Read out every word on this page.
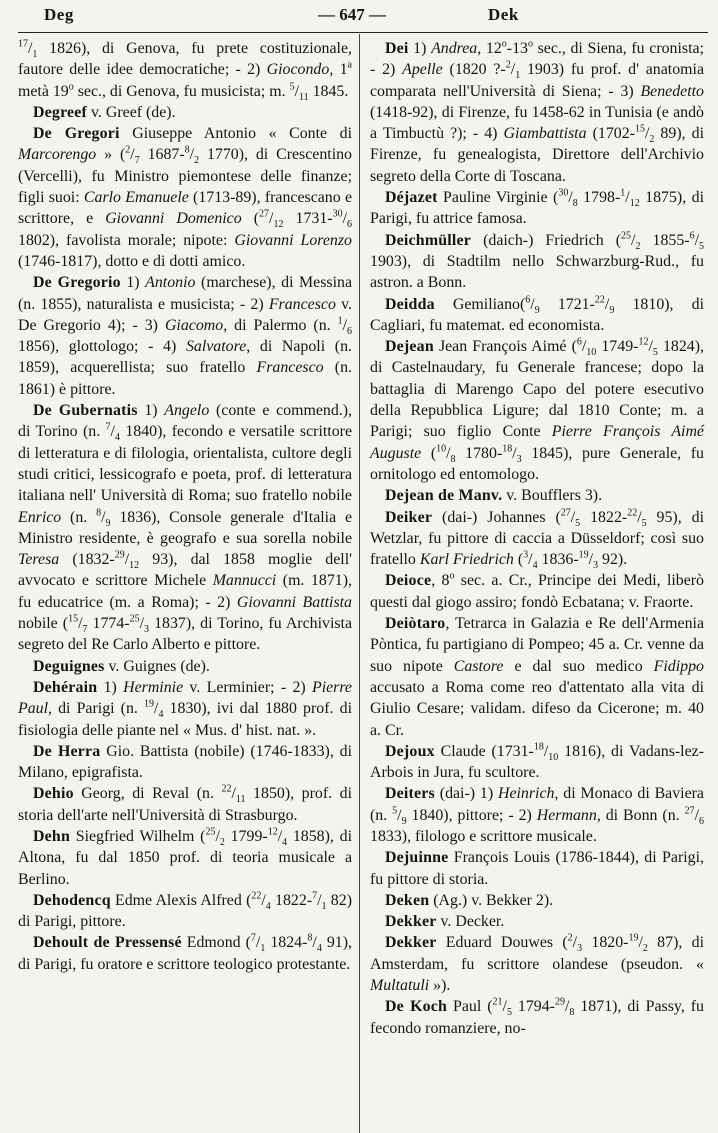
Deg	— 647 —	Dek

$^{17}/_1$ 1826), di Genova, fu prete costituzionale, fautore delle idee democratiche; - 2) Giocondo, 1$^a$ metà 19$^o$ sec., di Genova, fu musicista; m. $^5/_{11}$ 1845.

Degreef v. Greef (de).

De Gregori Giuseppe Antonio « Conte di Marcorengo » ($^2/_7$ $1687-^8/_2$ 1770), di Crescentino (Vercelli), fu Ministro piemontese delle finanze; figli suoi: Carlo Emanuele (1713-89), francescano e scrittore, e Giovanni Domenico ($^{27}/_{12}$ $1731-^{30}/_6$ 1802), favolista morale; nipote: Giovanni Lorenzo (1746-1817), dotto e di dotti amico.

De Gregorio 1) Antonio (marchese), di Messina (n. 1855), naturalista e musicista; - 2) Francesco v. De Gregorio 4); - 3) Giacomo, di Palermo (n. $^1/_6$ 1856), glottologo; - 4) Salvatore, di Napoli (n. 1859), acquerellista; suo fratello Francesco (n. 1861) è pittore.

De Gubernatis 1) Angelo (conte e commend.), di Torino (n. $^7/_4$ 1840), fecondo e versatile scrittore di letteratura e di filologia, orientalista, cultore degli studi critici, lessicografo e poeta, prof. di letteratura italiana nell' Università di Roma; suo fratello nobile Enrico (n. $^8/_9$ 1836), Console generale d'Italia e Ministro residente, è geografo e sua sorella nobile Teresa ($1832-^{29}/_{12}$ 93), dal 1858 moglie dell' avvocato e scrittore Michele Mannucci (m. 1871), fu educatrice (m. a Roma); - 2) Giovanni Battista nobile ($^{15}/_7$ $1774-^{25}/_3$ 1837), di Torino, fu Archivista segreto del Re Carlo Alberto e pittore.

Deguignes v. Guignes (de).

Dehérain 1) Herminie v. Lerminier; - 2) Pierre Paul, di Parigi (n. $^{19}/_4$ 1830), ivi dal 1880 prof. di fisiologia delle piante nel « Mus. d' hist. nat. ».

De Herra Gio. Battista (nobile) (1746-1833), di Milano, epigrafista.

Dehio Georg, di Reval (n. $^{22}/_{11}$ 1850), prof. di storia dell'arte nell'Università di Strasburgo.

Dehn Siegfried Wilhelm ($^{25}/_2$ $1799-^{12}/_4$ 1858), di Altona, fu dal 1850 prof. di teoria musicale a Berlino.

Dehodencq Edme Alexis Alfred ($^{22}/_4$ $1822-^7/_1$ 82) di Parigi, pittore.

Dehoult de Pressensé Edmond ($^7/_1$ $1824-^8/_4$ 91), di Parigi, fu oratore e scrittore teologico protestante.

Dei 1) Andrea, 12$^o$-13$^o$ sec., di Siena, fu cronista; - 2) Apelle (1820 $?-^2/_1$ 1903) fu prof. d' anatomia comparata nell'Università di Siena; - 3) Benedetto (1418-92), di Firenze, fu 1458-62 in Tunisia (e andò a Timbuctù ?); - 4) Giambattista ($1702-^{15}/_2$ 89), di Firenze, fu genealogista, Direttore dell'Archivio segreto della Corte di Toscana.

Déjazet Pauline Virginie ($^{30}/_8$ $1798-^1/_{12}$ 1875), di Parigi, fu attrice famosa.

Deichmüller (daich-) Friedrich ($^{25}/_2$ $1855-^6/_5$ 1903), di Stadtilm nello Schwarzburg-Rud., fu astron. a Bonn.

Deidda $Gemiliano(^6/_9$ $1721-^{22}/_9$ 1810), di Cagliari, fu matemat. ed economista.

Dejean Jean François Aimé ($^6/_{10}$ $1749-^{12}/_5$ 1824), di Castelnaudary, fu Generale francese; dopo la battaglia di Marengo Capo del potere esecutivo della Repubblica Ligure; dal 1810 Conte; m. a Parigi; suo figlio Conte Pierre François Aimé Auguste ($^{10}/_8$ $1780-^{18}/_3$ 1845), pure Generale, fu ornitologo ed entomologo.

Dejean de Manv. v. Boufflers 3).

Deiker (dai-) Johannes ($^{27}/_5$ $1822-^{22}/_5$ 95), di Wetzlar, fu pittore di caccia a Düsseldorf; così suo fratello Karl Friedrich ($^3/_4$ $1836-^{19}/_3$ 92).

Deioce, 8$^o$ sec. a. Cr., Principe dei Medi, liberò questi dal giogo assiro; fondò Ecbatana; v. Fraorte.

Deiòtaro, Tetrarca in Galazia e Re dell'Armenia Pòntica, fu partigiano di Pompeo; 45 a. Cr. venne da suo nipote Castore e dal suo medico Fidippo accusato a Roma come reo d'attentato alla vita di Giulio Cesare; validam. difeso da Cicerone; m. 40 a. Cr.

Dejoux Claude ($1731-^{18}/_{10}$ 1816), di Vadans-lez-Arbois in Jura, fu scultore.

Deiters (dai-) 1) Heinrich, di Monaco di Baviera (n. $^5/_9$ 1840), pittore; - 2) Hermann, di Bonn (n. $^{27}/_6$ 1833), filologo e scrittore musicale.

Dejuinne François Louis (1786-1844), di Parigi, fu pittore di storia.

Deken (Ag.) v. Bekker 2).

Dekker v. Decker.

Dekker Eduard Douwes ($^2/_3$ $1820-^{19}/_2$ 87), di Amsterdam, fu scrittore olandese (pseudon. « Multatuli »).

De Koch Paul ($^{21}/_5$ $1794-^{29}/_8$ 1871), di Passy, fu fecondo romanziere, no-
